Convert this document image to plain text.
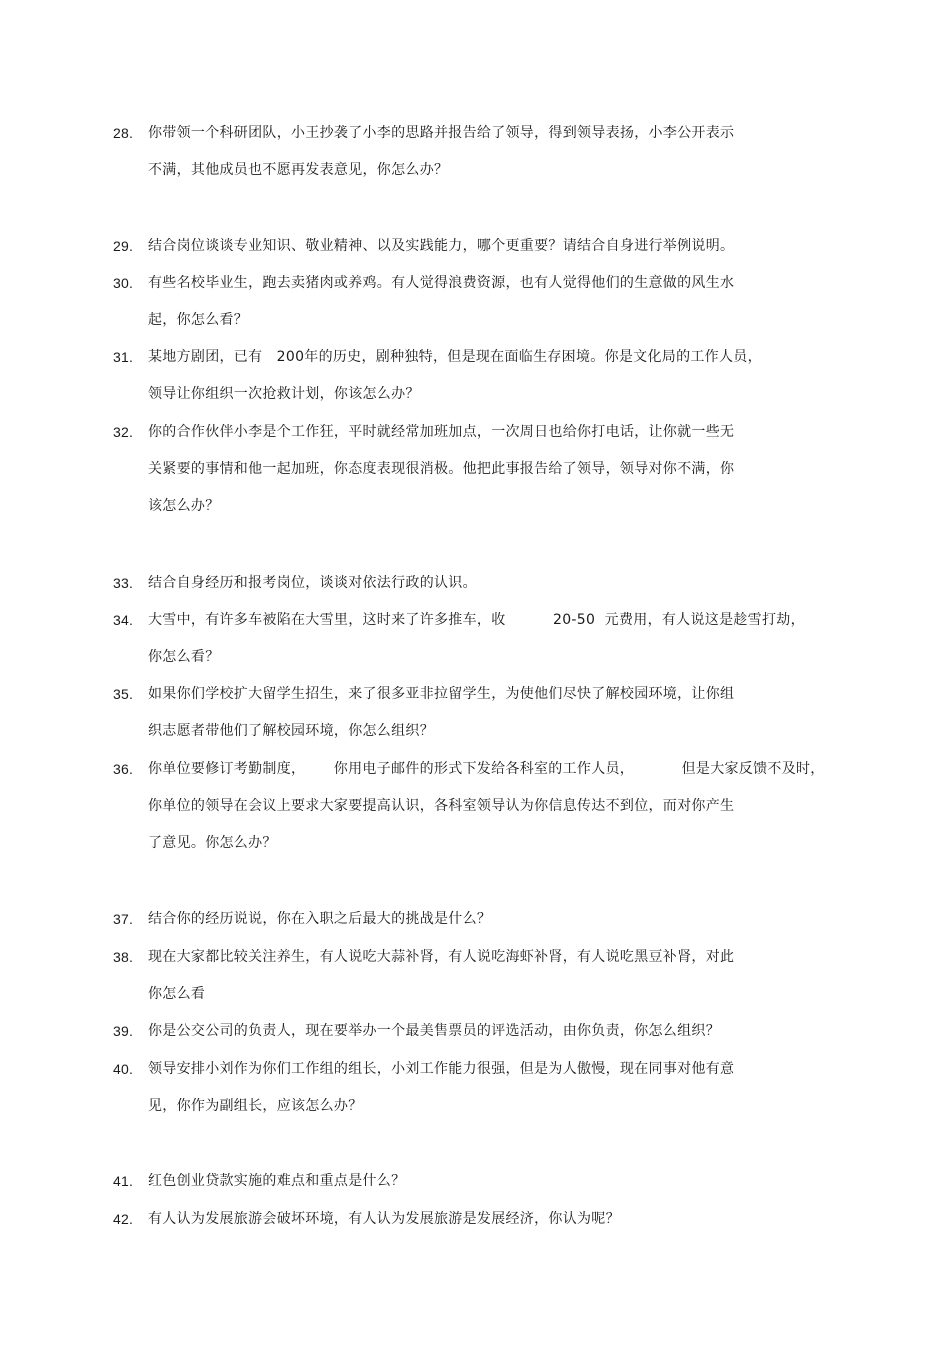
28. 你带领一个科研团队，小王抄袭了小李的思路并报告给了领导，得到领导表扬，小李公开表示
不满，其他成员也不愿再发表意见，你怎么办？
29. 结合岗位谈谈专业知识、敬业精神、以及实践能力，哪个更重要？请结合自身进行举例说明。
30. 有些名校毕业生，跑去卖猪肉或养鸡。有人觉得浪费资源，也有人觉得他们的生意做的风生水
起，你怎么看？
31. 某地方剧团，已有   200年的历史，剧种独特，但是现在面临生存困境。你是文化局的工作人员，
领导让你组织一次抢救计划，你该怎么办？
32. 你的合作伙伴小李是个工作狂，平时就经常加班加点，一次周日也给你打电话，让你就一些无
关紧要的事情和他一起加班，你态度表现很消极。他把此事报告给了领导，领导对你不满，你
该怎么办？
33. 结合自身经历和报考岗位，谈谈对依法行政的认识。
34. 大雪中，有许多车被陷在大雪里，这时来了许多推车，收          20-50  元费用，有人说这是趁雪打劫，
你怎么看？
35. 如果你们学校扩大留学生招生，来了很多亚非拉留学生，为使他们尽快了解校园环境，让你组
织志愿者带他们了解校园环境，你怎么组织？
36. 你单位要修订考勤制度，      你用电子邮件的形式下发给各科室的工作人员，          但是大家反馈不及时，
你单位的领导在会议上要求大家要提高认识，各科室领导认为你信息传达不到位，而对你产生
了意见。你怎么办？
37. 结合你的经历说说，你在入职之后最大的挑战是什么？
38. 现在大家都比较关注养生，有人说吃大蒜补肾，有人说吃海虾补肾，有人说吃黑豆补肾，对此
你怎么看
39. 你是公交公司的负责人，现在要举办一个最美售票员的评选活动，由你负责，你怎么组织？
40. 领导安排小刘作为你们工作组的组长，小刘工作能力很强，但是为人傲慢，现在同事对他有意
见，你作为副组长，应该怎么办？
41. 红色创业贷款实施的难点和重点是什么？
42. 有人认为发展旅游会破坏环境，有人认为发展旅游是发展经济，你认为呢？
